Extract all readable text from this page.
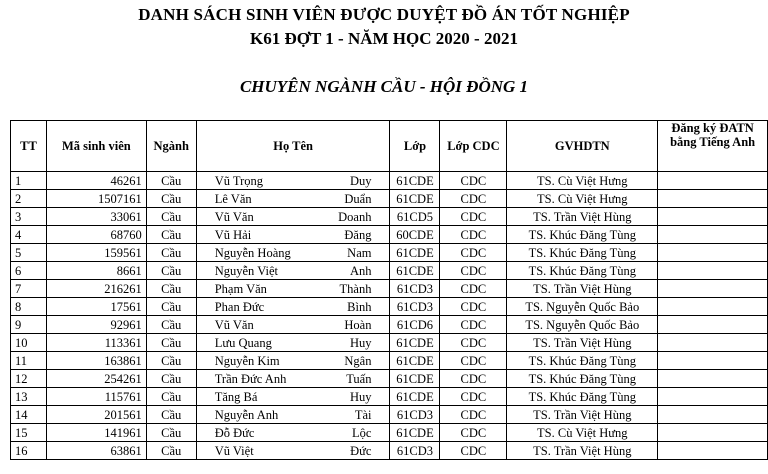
DANH SÁCH SINH VIÊN ĐƯỢC DUYỆT ĐỒ ÁN TỐT NGHIỆP
K61 ĐỢT 1 - NĂM HỌC 2020 - 2021
CHUYÊN NGÀNH CẦU - HỘI ĐỒNG 1
TT	Mã sinh viên	Ngành	Họ Tên	Lớp	Lớp CDC	GVHDTN	Đăng ký ĐATN bằng Tiếng Anh
1	46261	Cầu	Vũ Trọng Duy	61CDE	CDC	TS. Cù Việt Hưng	
2	1507161	Cầu	Lê Văn Duẩn	61CDE	CDC	TS. Cù Việt Hưng	
3	33061	Cầu	Vũ Văn Doanh	61CD5	CDC	TS. Trần Việt Hùng	
4	68760	Cầu	Vũ Hải Đăng	60CDE	CDC	TS. Khúc Đăng Tùng	
5	159561	Cầu	Nguyễn Hoàng Nam	61CDE	CDC	TS. Khúc Đăng Tùng	
6	8661	Cầu	Nguyễn Việt Anh	61CDE	CDC	TS. Khúc Đăng Tùng	
7	216261	Cầu	Phạm Văn Thành	61CD3	CDC	TS. Trần Việt Hùng	
8	17561	Cầu	Phan Đức Bình	61CD3	CDC	TS. Nguyễn Quốc Bảo	
9	92961	Cầu	Vũ Văn Hoàn	61CD6	CDC	TS. Nguyễn Quốc Bảo	
10	113361	Cầu	Lưu Quang Huy	61CDE	CDC	TS. Trần Việt Hùng	
11	163861	Cầu	Nguyễn Kim Ngân	61CDE	CDC	TS. Khúc Đăng Tùng	
12	254261	Cầu	Trần Đức Anh Tuấn	61CDE	CDC	TS. Khúc Đăng Tùng	
13	115761	Cầu	Tăng Bá Huy	61CDE	CDC	TS. Khúc Đăng Tùng	
14	201561	Cầu	Nguyễn Anh Tài	61CD3	CDC	TS. Trần Việt Hùng	
15	141961	Cầu	Đỗ Đức Lộc	61CDE	CDC	TS. Cù Việt Hưng	
16	63861	Cầu	Vũ Việt Đức	61CD3	CDC	TS. Trần Việt Hùng	
